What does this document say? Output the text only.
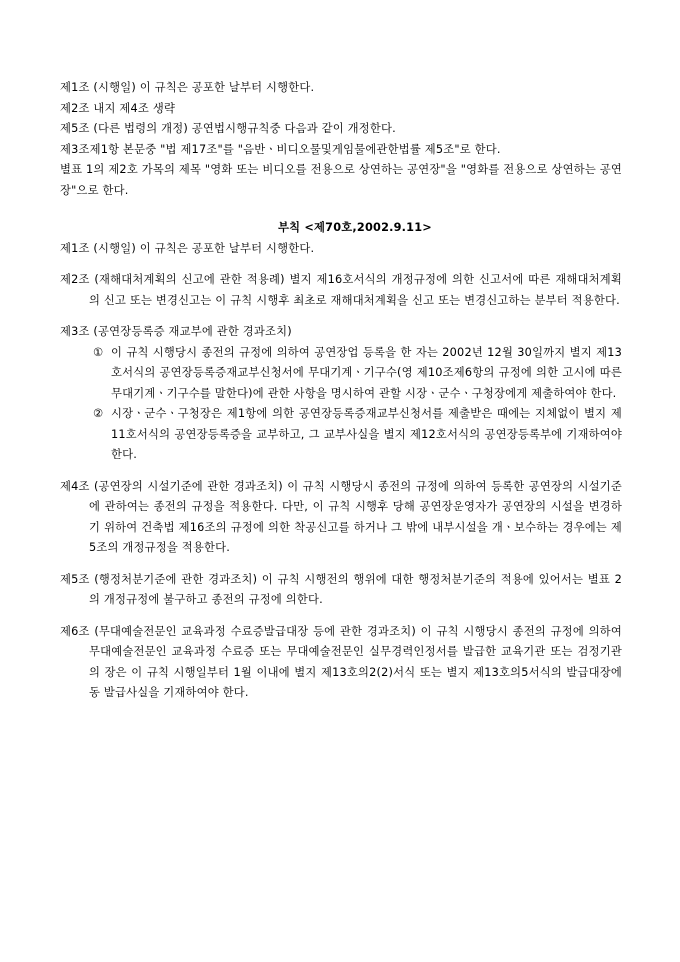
제1조 (시행일) 이 규칙은 공포한 날부터 시행한다.
제2조 내지 제4조 생략
제5조 (다른 법령의 개정) 공연법시행규칙중 다음과 같이 개정한다.
제3조제1항 본문중 "법 제17조"를 "음반ㆍ비디오물및게임물에관한법률 제5조"로 한다.
별표 1의 제2호 가목의 제목 "영화 또는 비디오를 전용으로 상연하는 공연장"을 "영화를 전용으로 상연하는 공연장"으로 한다.
부칙 <제70호,2002.9.11>
제1조 (시행일) 이 규칙은 공포한 날부터 시행한다.
제2조 (재해대처계획의 신고에 관한 적용례) 별지 제16호서식의 개정규정에 의한 신고서에 따른 재해대처계획의 신고 또는 변경신고는 이 규칙 시행후 최초로 재해대처계획을 신고 또는 변경신고하는 분부터 적용한다.
제3조 (공연장등록증 재교부에 관한 경과조치)
① 이 규칙 시행당시 종전의 규정에 의하여 공연장업 등록을 한 자는 2002년 12월 30일까지 별지 제13호서식의 공연장등록증재교부신청서에 무대기계ㆍ기구수(영 제10조제6항의 규정에 의한 고시에 따른 무대기계ㆍ기구수를 말한다)에 관한 사항을 명시하여 관할 시장ㆍ군수ㆍ구청장에게 제출하여야 한다.
② 시장ㆍ군수ㆍ구청장은 제1항에 의한 공연장등록증재교부신청서를 제출받은 때에는 지체없이 별지 제11호서식의 공연장등록증을 교부하고, 그 교부사실을 별지 제12호서식의 공연장등록부에 기재하여야 한다.
제4조 (공연장의 시설기준에 관한 경과조치) 이 규칙 시행당시 종전의 규정에 의하여 등록한 공연장의 시설기준에 관하여는 종전의 규정을 적용한다. 다만, 이 규칙 시행후 당해 공연장운영자가 공연장의 시설을 변경하기 위하여 건축법 제16조의 규정에 의한 착공신고를 하거나 그 밖에 내부시설을 개ㆍ보수하는 경우에는 제5조의 개정규정을 적용한다.
제5조 (행정처분기준에 관한 경과조치) 이 규칙 시행전의 행위에 대한 행정처분기준의 적용에 있어서는 별표 2의 개정규정에 불구하고 종전의 규정에 의한다.
제6조 (무대예술전문인 교육과정 수료증발급대장 등에 관한 경과조치) 이 규칙 시행당시 종전의 규정에 의하여 무대예술전문인 교육과정 수료증 또는 무대예술전문인 실무경력인정서를 발급한 교육기관 또는 검정기관의 장은 이 규칙 시행일부터 1월 이내에 별지 제13호의2(2)서식 또는 별지 제13호의5서식의 발급대장에 동 발급사실을 기재하여야 한다.
